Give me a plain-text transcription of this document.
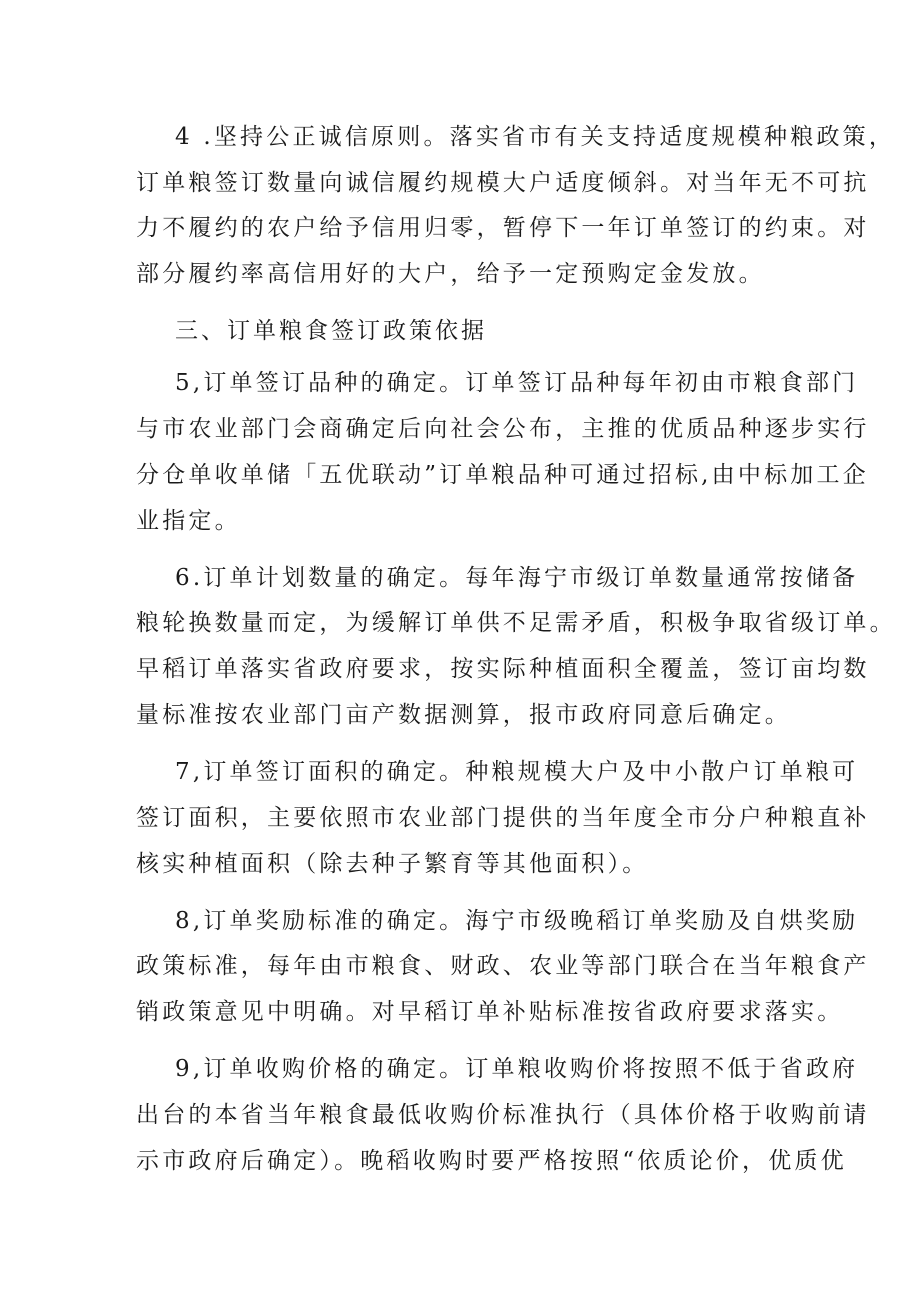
4 .坚持公正诚信原则。落实省市有关支持适度规模种粮政策，
订单粮签订数量向诚信履约规模大户适度倾斜。对当年无不可抗
力不履约的农户给予信用归零，暂停下一年订单签订的约束。对
部分履约率高信用好的大户，给予一定预购定金发放。
三、订单粮食签订政策依据
5,订单签订品种的确定。订单签订品种每年初由市粮食部门
与市农业部门会商确定后向社会公布，主推的优质品种逐步实行
分仓单收单储「五优联动”订单粮品种可通过招标,由中标加工企
业指定。
6.订单计划数量的确定。每年海宁市级订单数量通常按储备
粮轮换数量而定，为缓解订单供不足需矛盾，积极争取省级订单。
早稻订单落实省政府要求，按实际种植面积全覆盖，签订亩均数
量标准按农业部门亩产数据测算，报市政府同意后确定。
7,订单签订面积的确定。种粮规模大户及中小散户订单粮可
签订面积，主要依照市农业部门提供的当年度全市分户种粮直补
核实种植面积（除去种子繁育等其他面积）。
8,订单奖励标准的确定。海宁市级晚稻订单奖励及自烘奖励
政策标准，每年由市粮食、财政、农业等部门联合在当年粮食产
销政策意见中明确。对早稻订单补贴标准按省政府要求落实。
9,订单收购价格的确定。订单粮收购价将按照不低于省政府
出台的本省当年粮食最低收购价标准执行（具体价格于收购前请
示市政府后确定）。晚稻收购时要严格按照“依质论价，优质优
